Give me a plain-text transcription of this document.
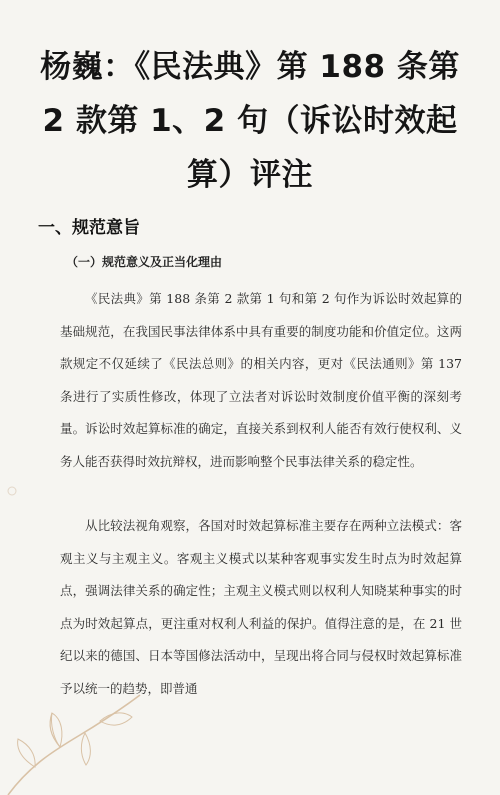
杨巍：《民法典》第 188 条第 2 款第 1、2 句（诉讼时效起算）评注
一、规范意旨
（一）规范意义及正当化理由

《民法典》第 188 条第 2 款第 1 句和第 2 句作为诉讼时效起算的基础规范，在我国民事法律体系中具有重要的制度功能和价值定位。这两款规定不仅延续了《民法总则》的相关内容，更对《民法通则》第 137 条进行了实质性修改，体现了立法者对诉讼时效制度价值平衡的深刻考量。诉讼时效起算标准的确定，直接关系到权利人能否有效行使权利、义务人能否获得时效抗辩权，进而影响整个民事法律关系的稳定性。

从比较法视角观察，各国对时效起算标准主要存在两种立法模式：客观主义与主观主义。客观主义模式以某种客观事实发生时点为时效起算点，强调法律关系的确定性；主观主义模式则以权利人知晓某种事实的时点为时效起算点，更注重对权利人利益的保护。值得注意的是，在 21 世纪以来的德国、日本等国修法活动中，呈现出将合同与侵权时效起算标准予以统一的趋势，即普通
